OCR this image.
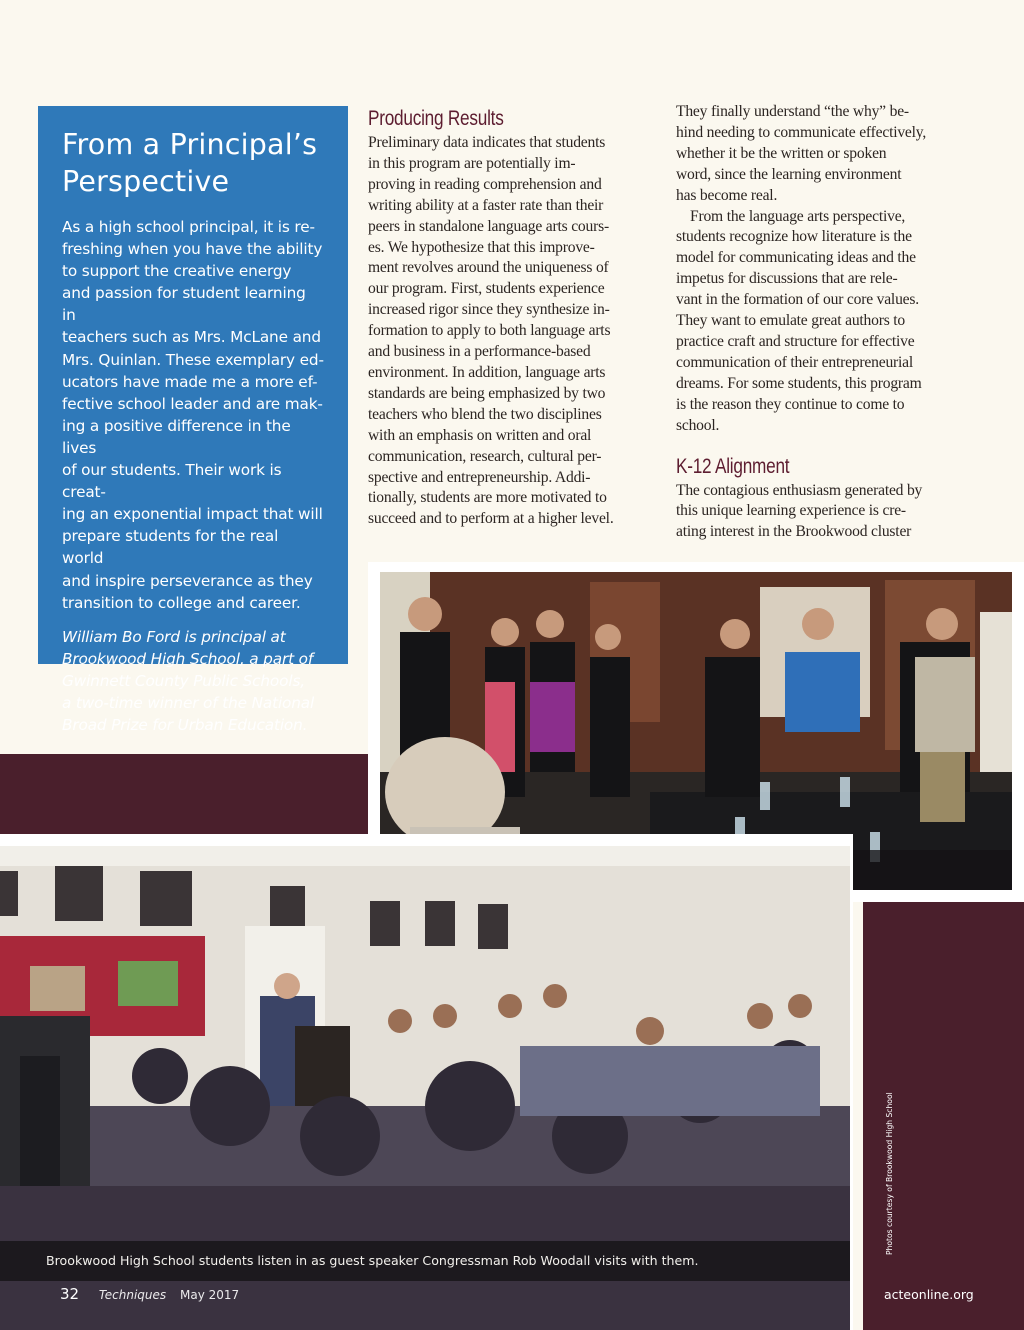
From a Principal’s
Perspective

As a high school principal, it is re-
freshing when you have the ability
to support the creative energy
and passion for student learning in
teachers such as Mrs. McLane and
Mrs. Quinlan. These exemplary ed-
ucators have made me a more ef-
fective school leader and are mak-
ing a positive difference in the lives
of our students. Their work is creat-
ing an exponential impact that will
prepare students for the real world
and inspire perseverance as they
transition to college and career.

William Bo Ford is principal at
Brookwood High School, a part of
Gwinnett County Public Schools,
a two-time winner of the National
Broad Prize for Urban Education.

Producing Results

Preliminary data indicates that students
in this program are potentially im-
proving in reading comprehension and
writing ability at a faster rate than their
peers in standalone language arts cours-
es. We hypothesize that this improve-
ment revolves around the uniqueness of
our program. First, students experience
increased rigor since they synthesize in-
formation to apply to both language arts
and business in a performance-based
environment. In addition, language arts
standards are being emphasized by two
teachers who blend the two disciplines
with an emphasis on written and oral
communication, research, cultural per-
spective and entrepreneurship. Addi-
tionally, students are more motivated to
succeed and to perform at a higher level.

They finally understand “the why” be-
hind needing to communicate effectively,
whether it be the written or spoken
word, since the learning environment
has become real.

From the language arts perspective,
students recognize how literature is the
model for communicating ideas and the
impetus for discussions that are rele-
vant in the formation of our core values.
They want to emulate great authors to
practice craft and structure for effective
communication of their entrepreneurial
dreams. For some students, this program
is the reason they continue to come to
school.

K-12 Alignment

The contagious enthusiasm generated by
this unique learning experience is cre-
ating interest in the Brookwood cluster

Brookwood High School students listen in as guest speaker Congressman Rob Woodall visits with them.
Photos courtesy of Brookwood High School
32 Techniques May 2017	acteonline.org
